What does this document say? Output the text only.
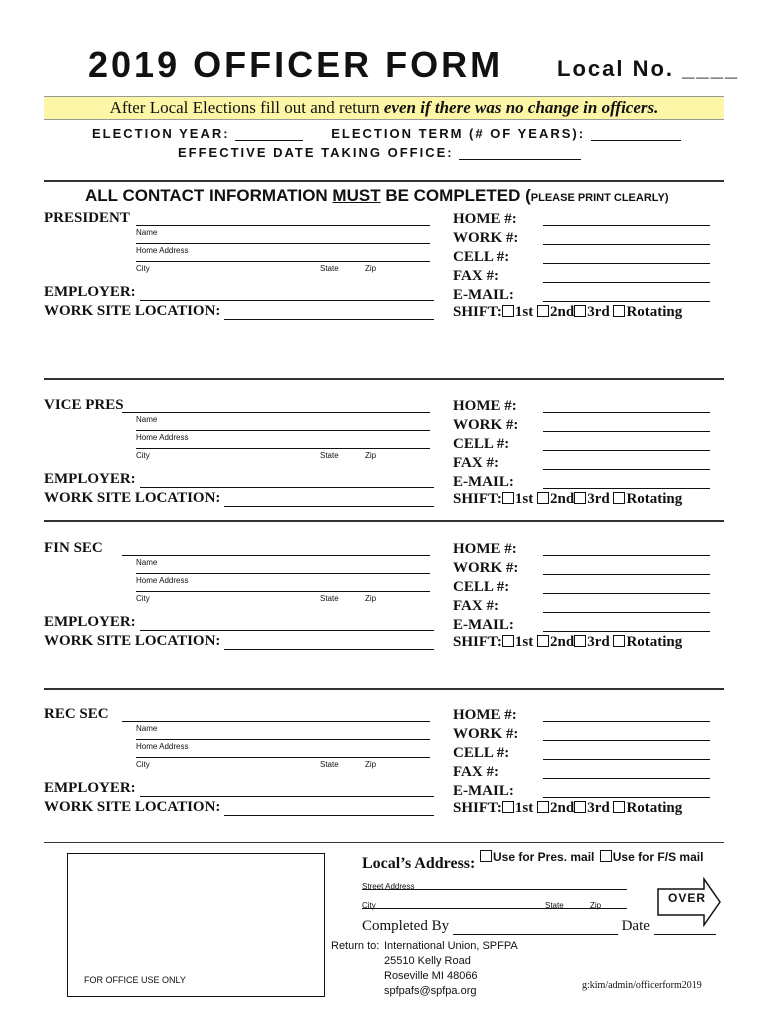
2019 OFFICER FORM Local No. ____
After Local Elections fill out and return even if there was no change in officers.
ELECTION YEAR:	ELECTION TERM (# OF YEARS):
EFFECTIVE DATE TAKING OFFICE:
ALL CONTACT INFORMATION MUST BE COMPLETED (PLEASE PRINT CLEARLY)
PRESIDENT
Name
Home Address
City	State	Zip
EMPLOYER:
WORK SITE LOCATION:
HOME #:
WORK #:
CELL #:
FAX #:
E-MAIL:
SHIFT: 1st 2nd 3rd Rotating
VICE PRES
Name
Home Address
City	State	Zip
EMPLOYER:
WORK SITE LOCATION:
HOME #:
WORK #:
CELL #:
FAX #:
E-MAIL:
SHIFT: 1st 2nd 3rd Rotating
FIN SEC
Name
Home Address
City	State	Zip
EMPLOYER:
WORK SITE LOCATION:
HOME #:
WORK #:
CELL #:
FAX #:
E-MAIL:
SHIFT: 1st 2nd 3rd Rotating
REC SEC
Name
Home Address
City	State	Zip
EMPLOYER:
WORK SITE LOCATION:
HOME #:
WORK #:
CELL #:
FAX #:
E-MAIL:
SHIFT: 1st 2nd 3rd Rotating
FOR OFFICE USE ONLY
Local’s Address:	Use for Pres. mail Use for F/S mail
Street Address
City	State	Zip
OVER
Completed By	Date
Return to: International Union, SPFPA
25510 Kelly Road
Roseville MI 48066
spfpafs@spfpa.org	g:kim/admin/officerform2019
